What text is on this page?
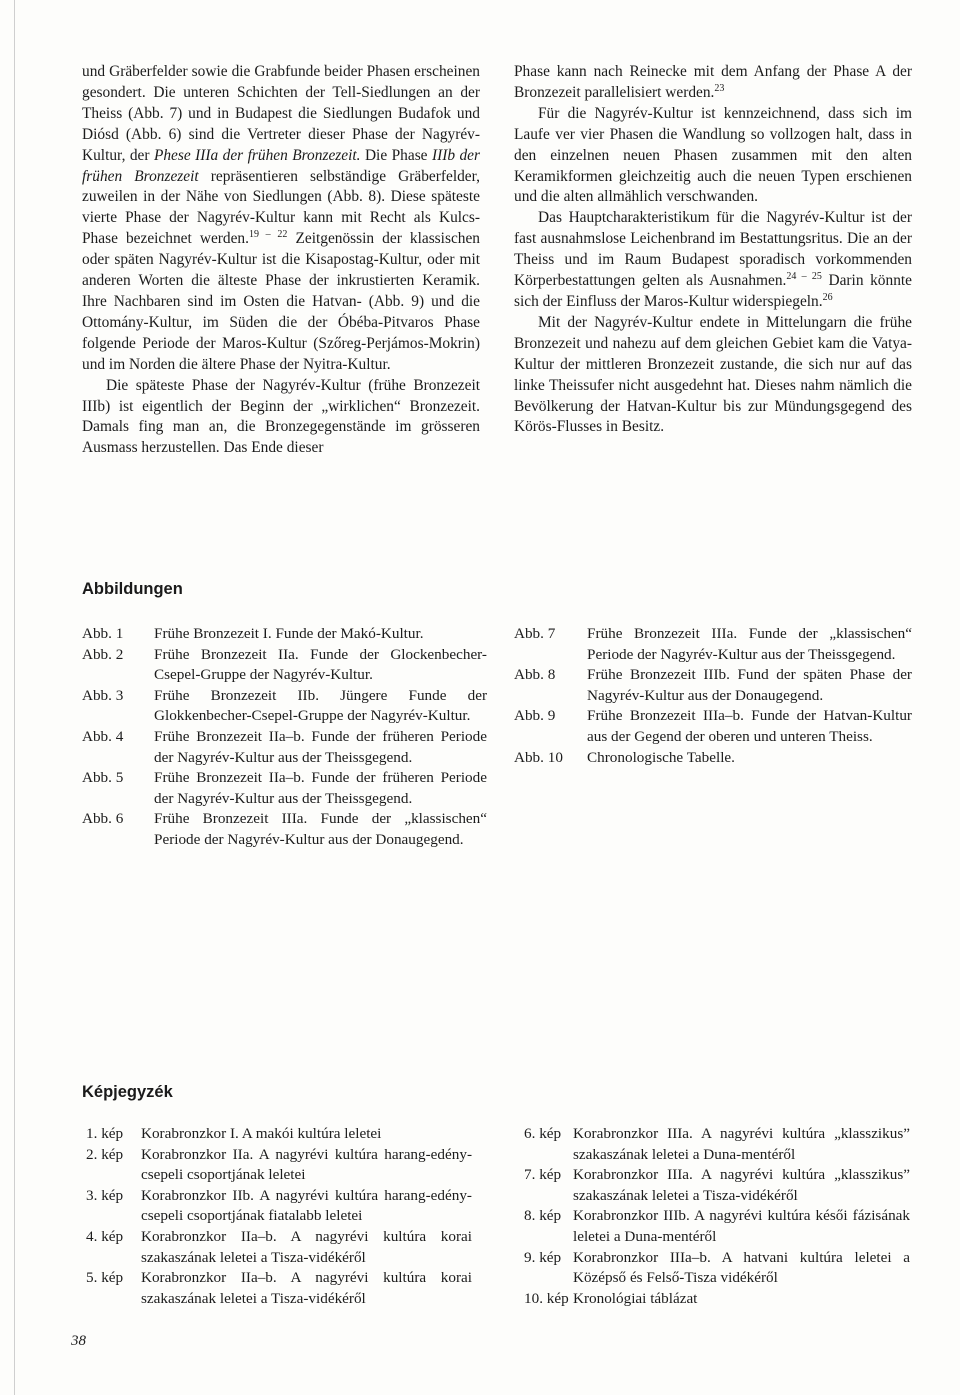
und Gräberfelder sowie die Grabfunde beider Phasen erscheinen gesondert. Die unteren Schichten der Tell-Siedlungen an der Theiss (Abb. 7) und in Budapest die Siedlungen Budafok und Diósd (Abb. 6) sind die Vertreter dieser Phase der Nagyrév-Kultur, der Phese IIIa der frühen Bronzezeit. Die Phase IIIb der frühen Bronzezeit repräsentieren selbständige Gräberfelder, zuweilen in der Nähe von Siedlungen (Abb. 8). Diese späteste vierte Phase der Nagyrév-Kultur kann mit Recht als Kulcs-Phase bezeichnet werden.$^{19 - 22}$ Zeitgenössin der klassischen oder späten Nagyrév-Kultur ist die Kisapostag-Kultur, oder mit anderen Worten die älteste Phase der inkrustierten Keramik. Ihre Nachbaren sind im Osten die Hatvan- (Abb. 9) und die Ottomány-Kultur, im Süden die der Óbéba-Pitvaros Phase folgende Periode der Maros-Kultur (Szőreg-Perjámos-Mokrin) und im Norden die ältere Phase der Nyitra-Kultur.

Die späteste Phase der Nagyrév-Kultur (frühe Bronzezeit IIIb) ist eigentlich der Beginn der „wirklichen“ Bronzezeit. Damals fing man an, die Bronzegegenstände im grösseren Ausmass herzustellen. Das Ende dieser

Phase kann nach Reinecke mit dem Anfang der Phase A der Bronzezeit parallelisiert werden.$^{23}$

Für die Nagyrév-Kultur ist kennzeichnend, dass sich im Laufe ver vier Phasen die Wandlung so vollzogen halt, dass in den einzelnen neuen Phasen zusammen mit den alten Keramikformen gleichzeitig auch die neuen Typen erschienen und die alten allmählich verschwanden.

Das Hauptcharakteristikum für die Nagyrév-Kultur ist der fast ausnahmslose Leichenbrand im Bestattungsritus. Die an der Theiss und im Raum Budapest sporadisch vorkommenden Körperbestattungen gelten als Ausnahmen.$^{24 - 25}$ Darin könnte sich der Einfluss der Maros-Kultur widerspiegeln.$^{26}$

Mit der Nagyrév-Kultur endete in Mittelungarn die frühe Bronzezeit und nahezu auf dem gleichen Gebiet kam die Vatya-Kultur der mittleren Bronzezeit zustande, die sich nur auf das linke Theissufer nicht ausgedehnt hat. Dieses nahm nämlich die Bevölkerung der Hatvan-Kultur bis zur Mündungsgegend des Körös-Flusses in Besitz.

Abbildungen
Abb. 1	Frühe Bronzezeit I. Funde der Makó-Kultur.
Abb. 2	Frühe Bronzezeit IIa. Funde der Glockenbecher-Csepel-Gruppe der Nagyrév-Kultur.
Abb. 3	Frühe Bronzezeit IIb. Jüngere Funde der Glokkenbecher-Csepel-Gruppe der Nagyrév-Kultur.
Abb. 4	Frühe Bronzezeit IIa–b. Funde der früheren Periode der Nagyrév-Kultur aus der Theissgegend.
Abb. 5	Frühe Bronzezeit IIa–b. Funde der früheren Periode der Nagyrév-Kultur aus der Theissgegend.
Abb. 6	Frühe Bronzezeit IIIa. Funde der „klassischen“ Periode der Nagyrév-Kultur aus der Donaugegend.
Abb. 7	Frühe Bronzezeit IIIa. Funde der „klassischen“ Periode der Nagyrév-Kultur aus der Theissgegend.
Abb. 8	Frühe Bronzezeit IIIb. Fund der späten Phase der Nagyrév-Kultur aus der Donaugegend.
Abb. 9	Frühe Bronzezeit IIIa–b. Funde der Hatvan-Kultur aus der Gegend der oberen und unteren Theiss.
Abb. 10	Chronologische Tabelle.
Képjegyzék
1. kép	Korabronzkor I. A makói kultúra leletei
2. kép	Korabronzkor IIa. A nagyrévi kultúra harang-edény-csepeli csoportjának leletei
3. kép	Korabronzkor IIb. A nagyrévi kultúra harang-edény-csepeli csoportjának fiatalabb leletei
4. kép	Korabronzkor IIa–b. A nagyrévi kultúra korai szakaszának leletei a Tisza-vidékéről
5. kép	Korabronzkor IIa–b. A nagyrévi kultúra korai szakaszának leletei a Tisza-vidékéről
6. kép Korabronzkor IIIa. A nagyrévi kultúra „klasszikus” szakaszának leletei a Duna-mentéről
7. kép Korabronzkor IIIa. A nagyrévi kultúra „klasszikus” szakaszának leletei a Tisza-vidékéről
8. kép Korabronzkor IIIb. A nagyrévi kultúra késői fázisának leletei a Duna-mentéről
9. kép Korabronzkor IIIa–b. A hatvani kultúra leletei a Középső és Felső-Tisza vidékéről
10. kép Kronológiai táblázat
38
